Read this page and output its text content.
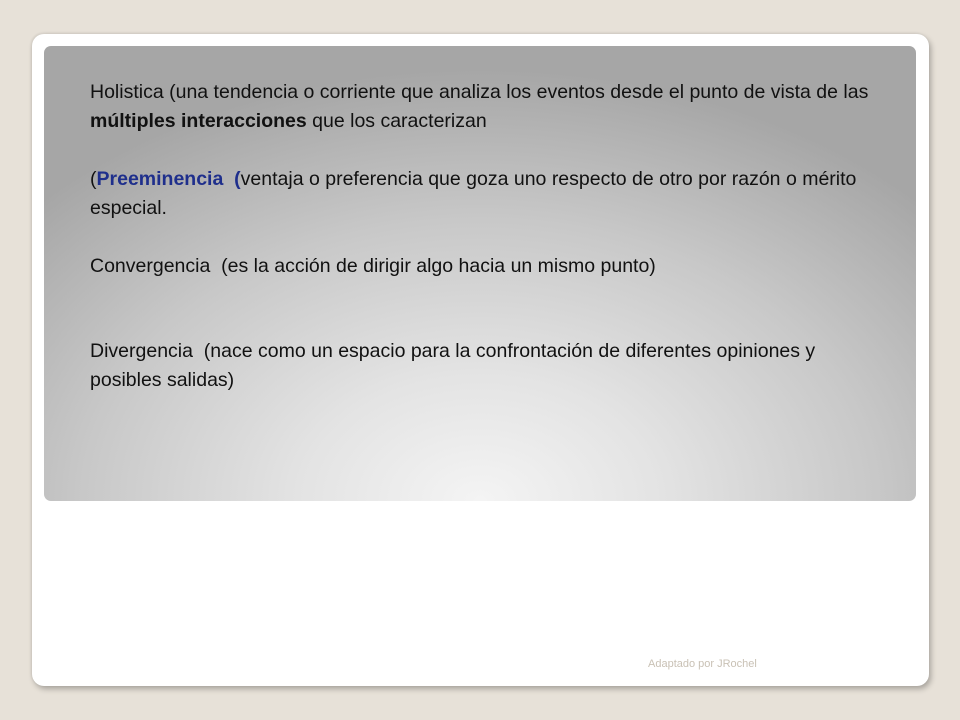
Holistica (una tendencia o corriente que analiza los eventos desde el punto de vista de las múltiples interacciones que los caracterizan

(Preeminencia (ventaja o preferencia que goza uno respecto de otro por razón o mérito especial.

Convergencia  (es la acción de dirigir algo hacia un mismo punto)

Divergencia  (nace como un espacio para la confrontación de diferentes opiniones y posibles salidas)

Adaptado por JRochel
